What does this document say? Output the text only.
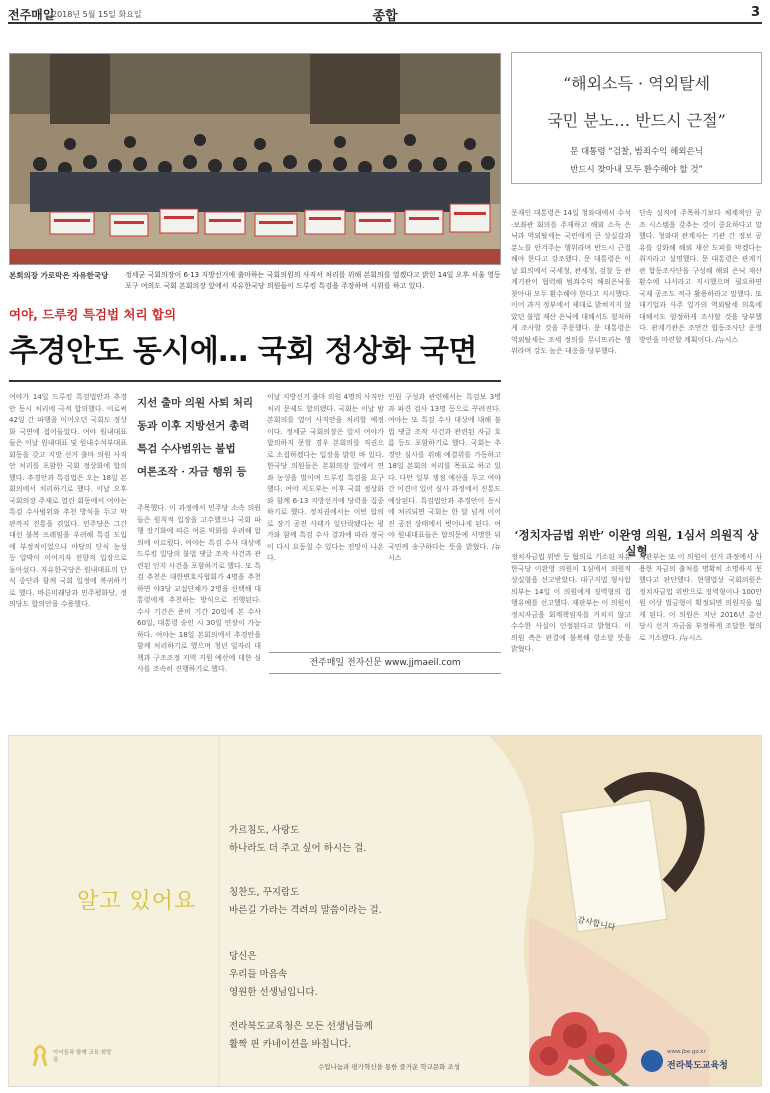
전주매일
2018년 5월 15일 화요일	종합	3
본회의장 가로막은 자유한국당	정세균 국회의장이 6·13 지방선거에 출마하는 국회의원의 사직서 처리를 위해 본회의를 열겠다고 밝힌 14일 오후 서울 영등포구 여의도 국회 본회의장 앞에서 자유한국당 의원들이 드루킹 특검을 주장하며 시위를 하고 있다.
여야, 드루킹 특검법 처리 합의
추경안도 동시에… 국회 정상화 국면
여야가 14일 드루킹 특검법안과 추경 안 동시 처리에 극적 합의했다. 이로써 42일 간 파행을 이어오던 국회도 정상화 국면에 접어들었다. 여야 원내대표들은 이날 원내대표 및 원내수석부대표 회동을 갖고 지방 선거 출마 의원 사직안 처리를 포함한 국회 정상화에 합의했다. 추경안과 특검법은 오는 18일 본회의에서 처리하기로 했다. 이날 오후 국회의장 주재로 열린 회동에서 여야는 특검 수사범위와 추천 방식을 두고 막판까지 진통을 겪었다. 민주당은 그간 대선 불복 프레임을 우려해 특검 도입에 부정적이었으나 야당의 단식 농성 등 압박이 이어지자 전향적 입장으로 돌아섰다. 자유한국당은 원내대표의 단식 중단과 함께 국회 일정에 복귀하기로 했다. 바른미래당과 민주평화당, 정의당도 합의안을 수용했다.
지선 출마 의원 사퇴 처리
동과 이후 지방선거 총력
특검 수사범위는 불법
여론조작 · 자금 행위 등
주목했다. 이 과정에서 민주당 소속 의원들은 원칙적 입장을 고수했으나 국회 파행 장기화에 따른 여론 악화를 우려해 합의에 이르렀다. 여야는 특검 수사 대상에 드루킹 일당의 불법 댓글 조작 사건과 관련된 인지 사건을 포함하기로 했다. 또 특검 추천은 대한변호사협회가 4명을 추천하면 야3당 교섭단체가 2명을 선택해 대통령에게 추천하는 방식으로 진행된다. 수사 기간은 준비 기간 20일에 본 수사 60일, 대통령 승인 시 30일 연장이 가능하다. 여야는 18일 본회의에서 추경안을 함께 처리하기로 했으며 청년 일자리 대책과 구조조정 지역 지원 예산에 대한 심사를 조속히 진행하기로 했다.
이날 지방선거 출마 의원 4명의 사직안 처리 문제도 합의됐다. 국회는 이날 밤 본회의를 열어 사직안을 처리할 예정이다. 정세균 국회의장은 앞서 여야가 합의하지 못할 경우 본회의를 직권으로 소집하겠다는 입장을 밝힌 바 있다. 한국당 의원들은 본회의장 앞에서 연좌 농성을 벌이며 드루킹 특검을 요구했다. 여야 지도부는 이후 국회 정상화와 함께 6·13 지방선거에 당력을 집중하기로 했다. 정치권에서는 이번 합의로 장기 공전 사태가 일단락됐다는 평가와 함께 특검 수사 결과에 따라 정국이 다시 요동칠 수 있다는 전망이 나온다.
인원 구성과 관련해서는 특검보 3명과 파견 검사 13명 등으로 꾸려진다. 여야는 또 특검 수사 대상에 대해 불법 댓글 조작 사건과 관련된 자금 흐름 등도 포함하기로 했다. 국회는 추경안 심사를 위해 예결위를 가동하고 18일 본회의 처리를 목표로 하고 있다. 다만 일부 쟁점 예산을 두고 여야 간 이견이 있어 심사 과정에서 진통도 예상된다. 특검법안과 추경안이 동시에 처리되면 국회는 한 달 넘게 이어진 공전 상태에서 벗어나게 된다. 여야 원내대표들은 합의문에 서명한 뒤 국민께 송구하다는 뜻을 밝혔다. /뉴시스
전주매일 전자신문 www.jjmaeil.com
“해외소득 · 역외탈세
국민 분노… 반드시 근절”
문 대통령 “검찰, 범죄수익 해외은닉
반드시 찾아내 모두 환수해야 할 것”
문재인 대통령은 14일 청와대에서 수석·보좌관 회의를 주재하고 해외 소득 은닉과 역외탈세는 국민에게 큰 상실감과 분노를 안겨주는 행위라며 반드시 근절해야 한다고 강조했다. 문 대통령은 이날 회의에서 국세청, 관세청, 검찰 등 관계기관이 협력해 범죄수익 해외은닉을 찾아내 모두 환수해야 한다고 지시했다. 이어 과거 정부에서 제대로 밝혀지지 않았던 불법 재산 은닉에 대해서도 철저하게 조사할 것을 주문했다. 문 대통령은 역외탈세는 조세 정의를 무너뜨리는 행위라며 강도 높은 대응을 당부했다.
단속 실적에 주목하기보다 체계적인 공조 시스템을 갖추는 것이 중요하다고 말했다. 청와대 관계자는 기관 간 정보 공유를 강화해 해외 재산 도피를 막겠다는 취지라고 설명했다. 문 대통령은 관계기관 합동조사단을 구성해 해외 은닉 재산 환수에 나서라고 지시했으며 필요하면 국제 공조도 적극 활용하라고 말했다. 또 대기업과 사주 일가의 역외탈세 의혹에 대해서도 엄정하게 조사할 것을 당부했다. 관계기관은 조만간 합동조사단 운영 방안을 마련할 계획이다. /뉴시스
‘정치자금법 위반’ 이완영 의원, 1심서 의원직 상실형
정치자금법 위반 등 혐의로 기소된 자유한국당 이완영 의원이 1심에서 의원직 상실형을 선고받았다. 대구지법 형사합의부는 14일 이 의원에게 징역형의 집행유예를 선고했다. 재판부는 이 의원이 정치자금을 회계책임자를 거치지 않고 수수한 사실이 인정된다고 밝혔다. 이 의원 측은 판결에 불복해 항소할 뜻을 밝혔다.
재판부는 또 이 의원이 선거 과정에서 사용한 자금의 출처를 명확히 소명하지 못했다고 판단했다. 현행법상 국회의원은 정치자금법 위반으로 징역형이나 100만원 이상 벌금형이 확정되면 의원직을 잃게 된다. 이 의원은 지난 2016년 총선 당시 선거 자금을 부정하게 조달한 혐의로 기소됐다. /뉴시스
알고 있어요
가르침도, 사랑도
하나라도 더 주고 싶어 하시는 걸.
칭찬도, 꾸지람도
바른길 가라는 격려의 말씀이라는 걸.
당신은
우리들 마음속
영원한 선생님입니다.
전라북도교육청은 모든 선생님들께
활짝 핀 카네이션을 바칩니다.
감사합니다
아이들과 함께 교육 희망을
수업나눔과 평가혁신을 통한 즐거운 학교문화 조성
www.jbe.go.kr
전라북도교육청
